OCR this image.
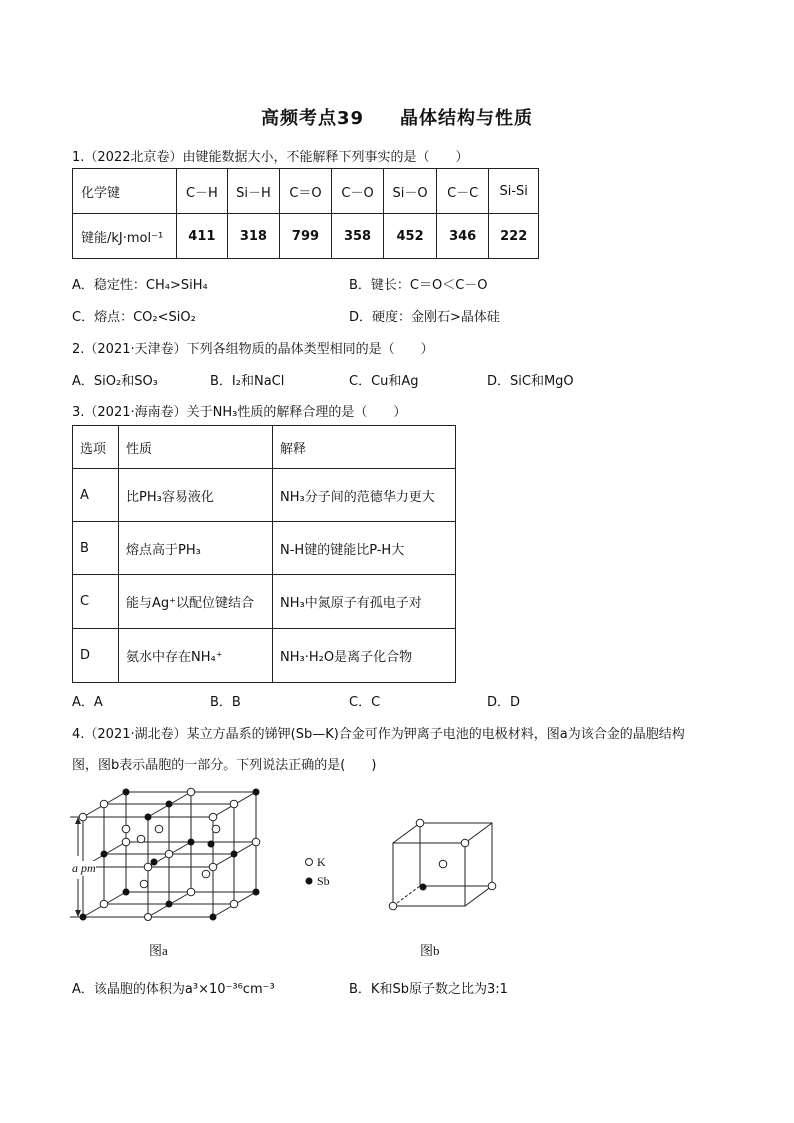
高频考点39 晶体结构与性质
1.（2022北京卷）由键能数据大小，不能解释下列事实的是（　　）
化学键	C－H	Si－H	C＝O	C－O	Si－O	C－C	Si-Si
键能/kJ·mol⁻¹	411	318	799	358	452	346	222
A．稳定性：CH₄>SiH₄	B．键长：C＝O＜C－O
C．熔点：CO₂<SiO₂	D．硬度：金刚石>晶体硅
2.（2021·天津卷）下列各组物质的晶体类型相同的是（　　）
A．SiO₂和SO₃	B．I₂和NaCl	C．Cu和Ag	D．SiC和MgO
3.（2021·海南卷）关于NH₃性质的解释合理的是（　　）
选项	性质	解释
A	比PH₃容易液化	NH₃分子间的范德华力更大
B	熔点高于PH₃	N-H键的键能比P-H大
C	能与Ag⁺以配位键结合	NH₃中氮原子有孤电子对
D	氨水中存在NH₄⁺	NH₃·H₂O是离子化合物
A．A	B．B	C．C	D．D
4.（2021·湖北卷）某立方晶系的锑钾(Sb—K)合金可作为钾离子电池的电极材料，图a为该合金的晶胞结构
图，图b表示晶胞的一部分。下列说法正确的是(　　)
a pm
图a
K
Sb
图b
A．该晶胞的体积为a³×10⁻³⁶cm⁻³	B．K和Sb原子数之比为3:1
